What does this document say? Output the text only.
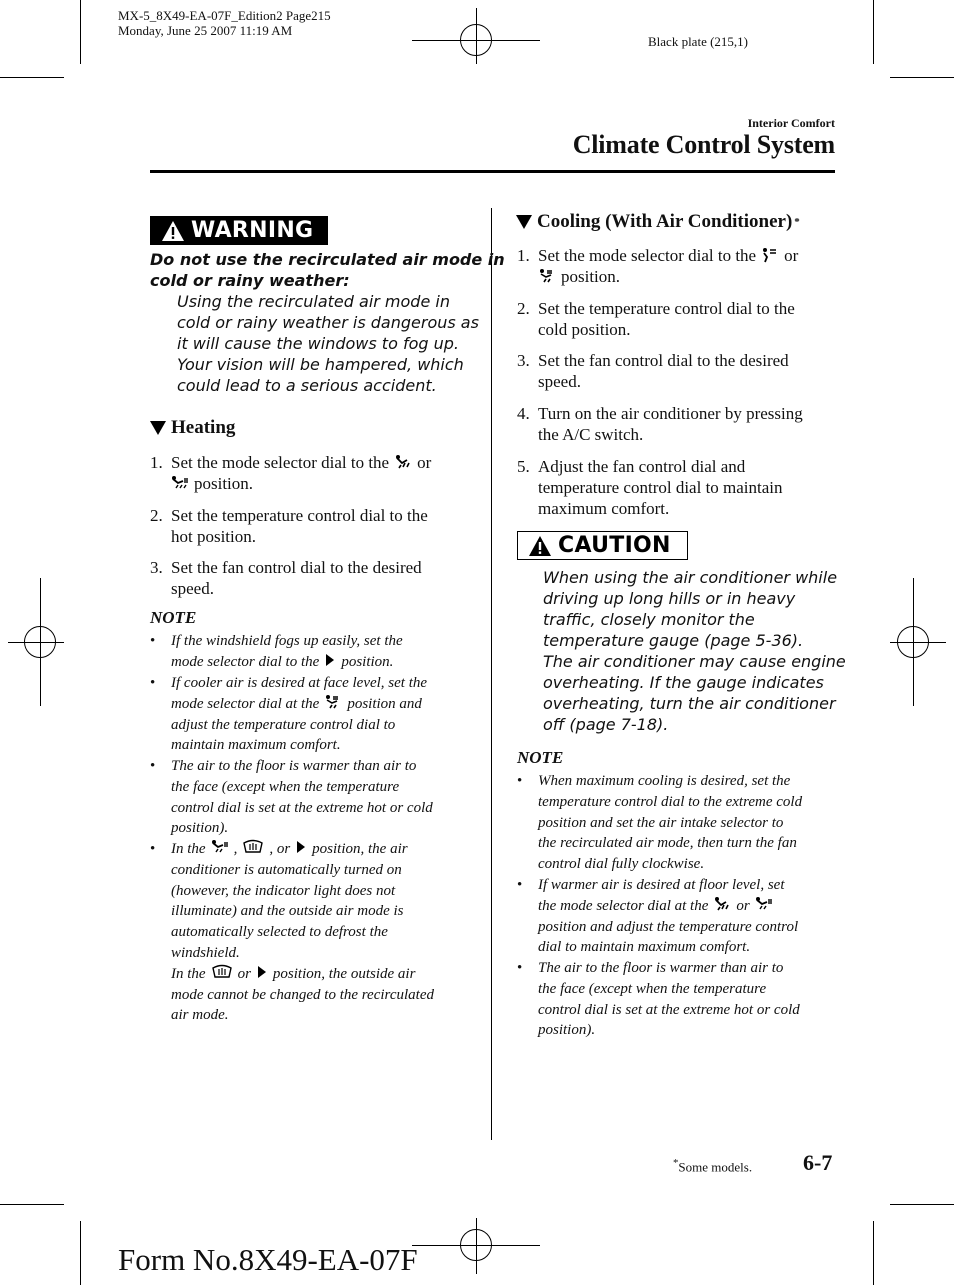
MX-5_8X49-EA-07F_Edition2 Page215
Monday, June 25 2007 11:19 AM
Black plate (215,1)
Interior Comfort
Climate Control System
WARNING
Do not use the recirculated air mode in
cold or rainy weather:
Using the recirculated air mode in
cold or rainy weather is dangerous as
it will cause the windows to fog up.
Your vision will be hampered, which
could lead to a serious accident.
Heating
1. Set the mode selector dial to the or
position.
2. Set the temperature control dial to the
hot position.
3. Set the fan control dial to the desired
speed.
NOTE
• If the windshield fogs up easily, set the
mode selector dial to the position.
• If cooler air is desired at face level, set the
mode selector dial at the position and
adjust the temperature control dial to
maintain maximum comfort.
• The air to the floor is warmer than air to
the face (except when the temperature
control dial is set at the extreme hot or cold
position).
• In the , , or position, the air
conditioner is automatically turned on
(however, the indicator light does not
illuminate) and the outside air mode is
automatically selected to defrost the
windshield.
In the or position, the outside air
mode cannot be changed to the recirculated
air mode.
Cooling (With Air Conditioner) *
1. Set the mode selector dial to the or
position.
2. Set the temperature control dial to the
cold position.
3. Set the fan control dial to the desired
speed.
4. Turn on the air conditioner by pressing
the A/C switch.
5. Adjust the fan control dial and
temperature control dial to maintain
maximum comfort.
CAUTION
When using the air conditioner while
driving up long hills or in heavy
traffic, closely monitor the
temperature gauge (page 5-36).
The air conditioner may cause engine
overheating. If the gauge indicates
overheating, turn the air conditioner
off (page 7-18).
NOTE
• When maximum cooling is desired, set the
temperature control dial to the extreme cold
position and set the air intake selector to
the recirculated air mode, then turn the fan
control dial fully clockwise.
• If warmer air is desired at floor level, set
the mode selector dial at the or
position and adjust the temperature control
dial to maintain maximum comfort.
• The air to the floor is warmer than air to
the face (except when the temperature
control dial is set at the extreme hot or cold
position).
*Some models. 6-7
Form No.8X49-EA-07F
